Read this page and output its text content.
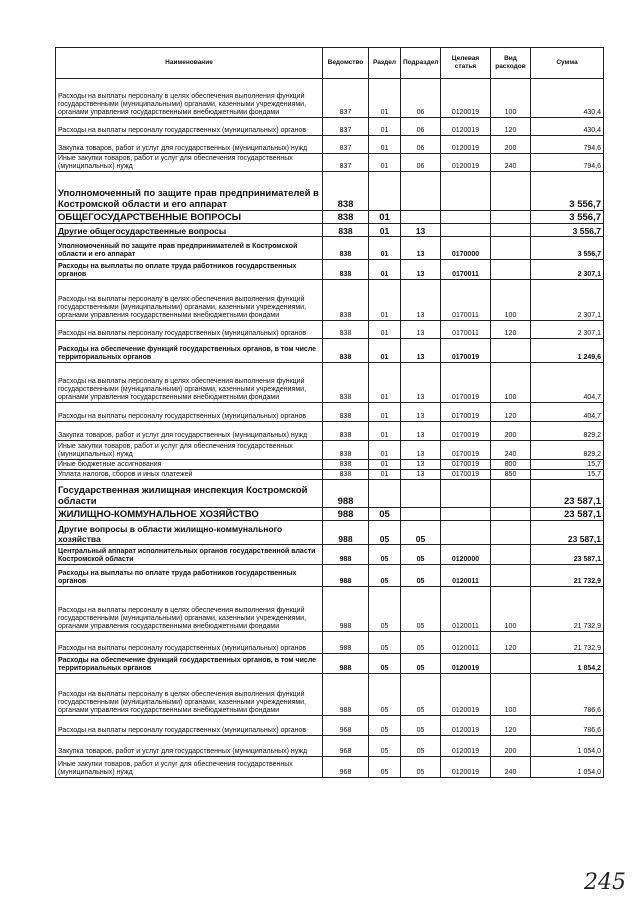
Наименование	Ведомство	Раздел	Подраздел	Целевая статья	Вид расходов	Сумма
Расходы на выплаты персоналу в целях обеспечения выполнения функций государственными (муниципальными) органами, казенными учреждениями, органами управления государственными внебюджетными фондами	837	01	06	0120019	100	430,4
Расходы на выплаты персоналу государственных (муниципальных) органов	837	01	06	0120019	120	430,4
Закупка товаров, работ и услуг для государственных (муниципальных) нужд	837	01	06	0120019	200	794,6
Иные закупки товаров, работ и услуг для обеспечения государственных (муниципальных) нужд	837	01	06	0120019	240	794,6
Уполномоченный по защите прав предпринимателей в Костромской области и его аппарат	838					3 556,7
ОБЩЕГОСУДАРСТВЕННЫЕ ВОПРОСЫ	838	01				3 556,7
Другие общегосударственные вопросы	838	01	13			3 556,7
Уполномоченный по защите прав предпринимателей в Костромской области и его аппарат	838	01	13	0170000		3 556,7
Расходы на выплаты по оплате труда работников государственных органов	838	01	13	0170011		2 307,1
Расходы на выплаты персоналу в целях обеспечения выполнения функций государственными (муниципальными) органами, казенными учреждениями, органами управления государственными внебюджетными фондами	838	01	13	0170011	100	2 307,1
Расходы на выплаты персоналу государственных (муниципальных) органов	838	01	13	0170011	120	2 307,1
Расходы на обеспечение функций государственных органов, в том числе территориальных органов	838	01	13	0170019		1 249,6
Расходы на выплаты персоналу в целях обеспечения выполнения функций государственными (муниципальными) органами, казенными учреждениями, органами управления государственными внебюджетными фондами	838	01	13	0170019	100	404,7
Расходы на выплаты персоналу государственных (муниципальных) органов	838	01	13	0170019	120	404,7
Закупка товаров, работ и услуг для государственных (муниципальных) нужд	838	01	13	0170019	200	829,2
Иные закупки товаров, работ и услуг для обеспечения государственных (муниципальных) нужд	838	01	13	0170019	240	829,2
Иные бюджетные ассигнования	838	01	13	0170019	800	15,7
Уплата налогов, сборов и иных платежей	838	01	13	0170019	850	15,7
Государственная жилищная инспекция Костромской области	988					23 587,1
ЖИЛИЩНО-КОММУНАЛЬНОЕ ХОЗЯЙСТВО	988	05				23 587,1
Другие вопросы в области жилищно-коммунального хозяйства	988	05	05			23 587,1
Центральный аппарат исполнительных органов государственной власти Костромской области	988	05	05	0120000		23 587,1
Расходы на выплаты по оплате труда работников государственных органов	988	05	05	0120011		21 732,9
Расходы на выплаты персоналу в целях обеспечения выполнения функций государственными (муниципальными) органами, казенными учреждениями, органами управления государственными внебюджетными фондами	988	05	05	0120011	100	21 732,9
Расходы на выплаты персоналу государственных (муниципальных) органов	988	05	05	0120011	120	21 732,9
Расходы на обеспечение функций государственных органов, в том числе территориальных органов	988	05	05	0120019		1 854,2
Расходы на выплаты персоналу в целях обеспечения выполнения функций государственными (муниципальными) органами, казенными учреждениями, органами управления государственными внебюджетными фондами	988	05	05	0120019	100	786,6
Расходы на выплаты персоналу государственных (муниципальных) органов	968	05	05	0120019	120	786,6
Закупка товаров, работ и услуг для государственных (муниципальных) нужд	968	05	05	0120019	200	1 054,0
Иные закупки товаров, работ и услуг для обеспечения государственных (муниципальных) нужд	968	05	05	0120019	240	1 054,0
245
